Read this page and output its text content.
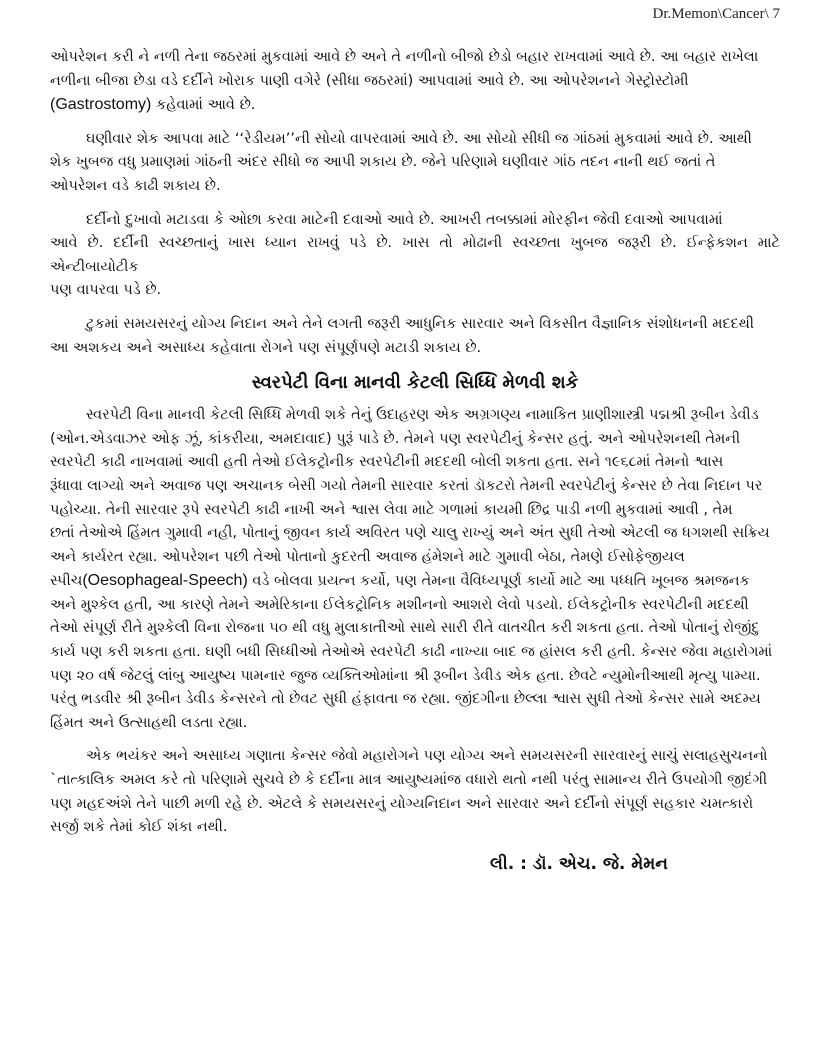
Dr.Memon\Cancer\ 7

ઓપરેશન કરી ને નળી તેના જઠરમાં મુકવામાં આવે છે અને તે નળીનો બીજો છેડો બહાર રાખવામાં આવે છે. આ બહાર રાખેલા
નળીના બીજા છેડા વડે દર્દીને ખોરાક પાણી વગેરે (સીધા જઠરમાં) આપવામાં આવે છે. આ ઓપરેશનને ગેસ્ટ્રોસ્ટોમી
(Gastrostomy) કહેવામાં આવે છે.

ઘણીવાર શેક આપવા માટે ‘‘રેડીયમ’’ની સોયો વાપરવામાં આવે છે. આ સોયો સીધી જ ગાંઠમાં મુકવામાં આવે છે. આથી
શેક ખુબજ વધુ પ્રમાણમાં ગાંઠની અંદર સીધો જ આપી શકાય છે. જેને પરિણામે ઘણીવાર ગાંઠ તદન નાની થઈ જતાં તે
ઓપરેશન વડે કાઢી શકાય છે.

દર્દીનો દુખાવો મટાડવા કે ઓછા કરવા માટેની દવાઓ આવે છે. આખરી તબક્કામાં મોરફીન જેવી દવાઓ આપવામાં
આવે છે. દર્દીની સ્વચ્છતાનું ખાસ ધ્યાન રાખવું પડે છે. ખાસ તો મોઢાની સ્વચ્છતા ખુબજ જરૂરી છે. ઈન્ફેકશન માટે એન્ટીબાયોટીક
પણ વાપરવા પડે છે.

ટુકમાં સમયસરનું યોગ્ય નિદાન અને તેને લગતી જરૂરી આધુનિક સારવાર અને વિકસીત વૈજ્ઞાનિક સંશોધનની મદદથી
આ અશકય અને અસાધ્ય કહેવાતા રોગને પણ સંપૂર્ણપણે મટાડી શકાય છે.

સ્વરપેટી વિના માનવી કેટલી સિધ્ધિ મેળવી શકે

સ્વરપેટી વિના માનવી કેટલી સિધ્ધિ મેળવી શકે તેનું ઉદાહરણ એક અગ્રગણ્ય નામાકિત પ્રાણીશાસ્ત્રી પદ્મશ્રી રૂબીન ડેવીડ
(ઓન.એડવાઝર ઓફ ઝૂં, કાંકરીયા, અમદાવાદ) પુરૂં પાડે છે. તેમને પણ સ્વરપેટીનું કેન્સર હતું. અને ઓપરેશનથી તેમની
સ્વરપેટી કાઢી નાખવામાં આવી હતી તેઓ ઈલેકટ્રોનીક સ્વરપેટીની મદદથી બોલી શકતા હતા. સને ૧૯૬૮માં તેમનો શ્વાસ
રૂંધાવા લાગ્યો અને અવાજ પણ અચાનક બેસી ગયો તેમની સારવાર કરતાં ડૉકટરો તેમની સ્વરપેટીનું કેન્સર છે તેવા નિદાન પર
પહોચ્યા. તેની સારવાર રૂપે સ્વરપેટી કાઢી નાખી અને શ્વાસ લેવા માટે ગળામાં કાયમી છિદ્ર પાડી નળી મુકવામાં આવી , તેમ
છતાં તેઓએ હિંમત ગુમાવી નહી, પોતાનું જીવન કાર્ય અવિરત પણે ચાલુ રાખ્યું અને અંત સુધી તેઓ એટલી જ ધગશથી સક્રિય
અને કાર્યરત રહ્યા. ઓપરેશન પછી તેઓ પોતાનો કુદરતી અવાજ હંમેશને માટે ગુમાવી બેઠા, તેમણે ઈસોફેજીયલ
સ્પીચ(Oesophageal-Speech) વડે બોલવા પ્રયત્ન કર્યો, પણ તેમના વૈવિધ્યપૂર્ણ કાર્યો માટે આ પધ્ધતિ ખૂબજ શ્રમજનક
અને મુશ્કેલ હતી, આ કારણે તેમને અમેરિકાના ઈલેકટ્રોનિક મશીનનો આશરો લેવો પડયો. ઈલેકટ્રોનીક સ્વરપેટીની મદદથી
તેઓ સંપૂર્ણ રીતે મુશ્કેલી વિના રોજના ૫૦ થી વધુ મુલાકાતીઓ સાથે સારી રીતે વાતચીત કરી શકતા હતા. તેઓ પોતાનું રોજીંદુ
કાર્ય પણ કરી શકતા હતા. ઘણી બધી સિધ્ધીઓ તેઓએ સ્વરપેટી કાઢી નાખ્યા બાદ જ હાંસલ કરી હતી. કેન્સર જેવા મહારોગમાં
પણ ૨૦ વર્ષ જેટલું લાંબુ આયુષ્ય પામનાર જુજ વ્યક્તિઓમાંના શ્રી રૂબીન ડેવીડ એક હતા. છેવટે ન્યુમોનીઆથી મૃત્યુ પામ્યા.
પરંતુ ભડવીર શ્રી રૂબીન ડેવીડ કેન્સરને તો છેવટ સુધી હંફાવતા જ રહ્યા. જીંદગીના છેલ્લા શ્વાસ સુધી તેઓ કેન્સર સામે અદમ્ય
હિંમત અને ઉત્સાહથી લડતા રહ્યા.

એક ભયંકર અને અસાધ્ય ગણાતા કેન્સર જેવો મહારોગને પણ યોગ્ય અને સમયસરની સારવારનું સાચું સલાહસુચનનો
`તાત્કાલિક અમલ કરે તો પરિણામે સુચવે છે કે દર્દીના માત્ર આયુષ્યમાંજ વધારો થતો નથી પરંતુ સામાન્ય રીતે ઉપયોગી જીદંગી
પણ મહદઅંશે તેને પાછી મળી રહે છે. એટલે કે સમયસરનું યોગ્યનિદાન અને સારવાર અને દર્દીનો સંપૂર્ણ સહકાર ચમત્કારો
સર્જી શકે તેમાં કોઈ શંકા નથી.

લી. : ડૉ. એચ. જે. મેમન
